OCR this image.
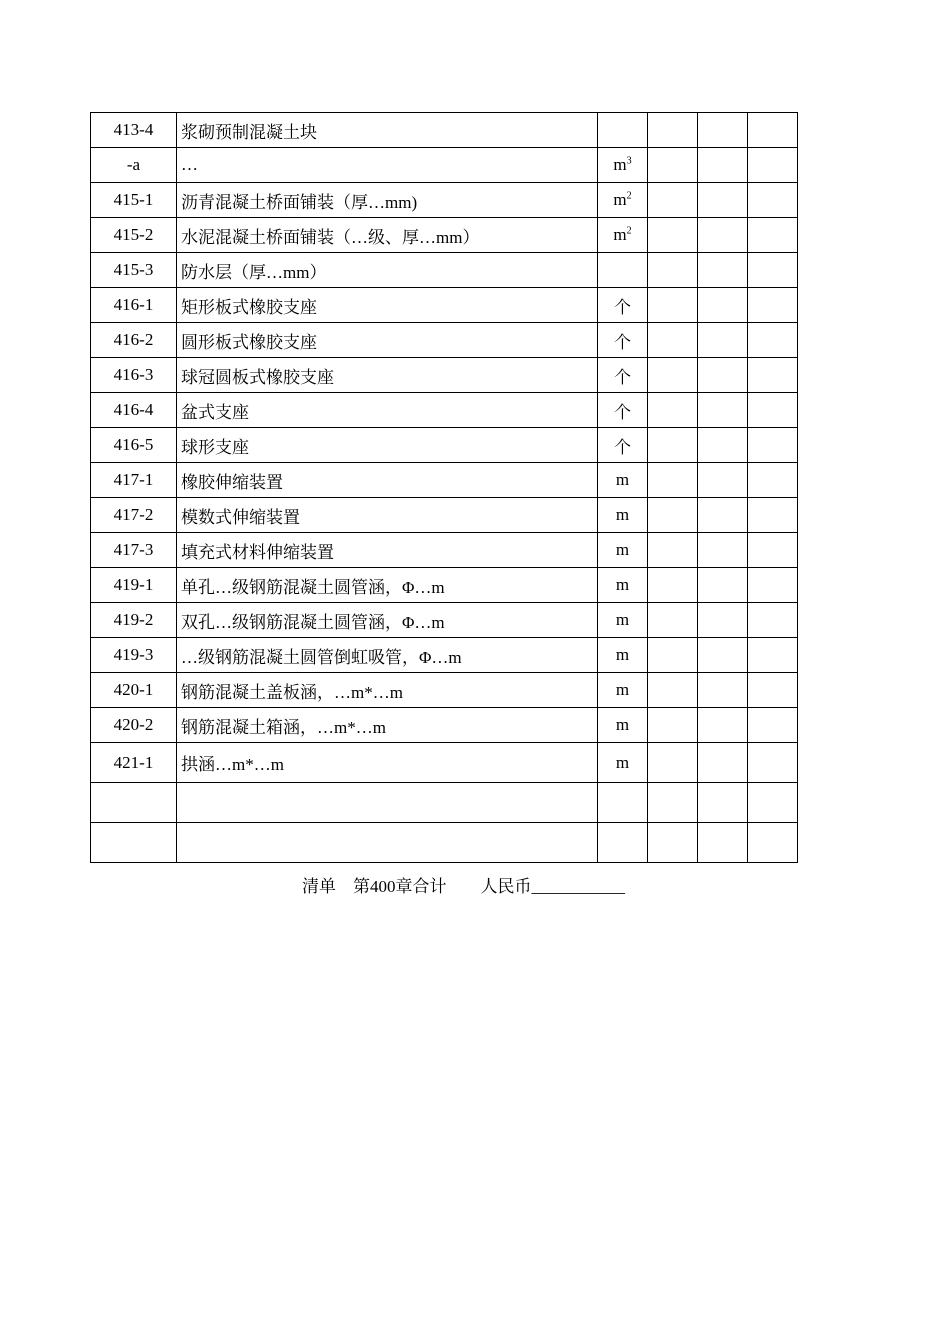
413-4	浆砌预制混凝土块				
-a	…	$m^3$			
415-1	沥青混凝土桥面铺装（厚…mm)	$m^2$			
415-2	水泥混凝土桥面铺装（…级、厚…mm）	$m^2$			
415-3	防水层（厚…mm）				
416-1	矩形板式橡胶支座	个			
416-2	圆形板式橡胶支座	个			
416-3	球冠圆板式橡胶支座	个			
416-4	盆式支座	个			
416-5	球形支座	个			
417-1	橡胶伸缩装置	m			
417-2	模数式伸缩装置	m			
417-3	填充式材料伸缩装置	m			
419-1	单孔…级钢筋混凝土圆管涵，Φ…m	m			
419-2	双孔…级钢筋混凝土圆管涵，Φ…m	m			
419-3	…级钢筋混凝土圆管倒虹吸管，Φ…m	m			
420-1	钢筋混凝土盖板涵，…m*…m	m			
420-2	钢筋混凝土箱涵，…m*…m	m			
421-1	拱涵…m*…m	m			

清单　第400章合计　　人民币___________
